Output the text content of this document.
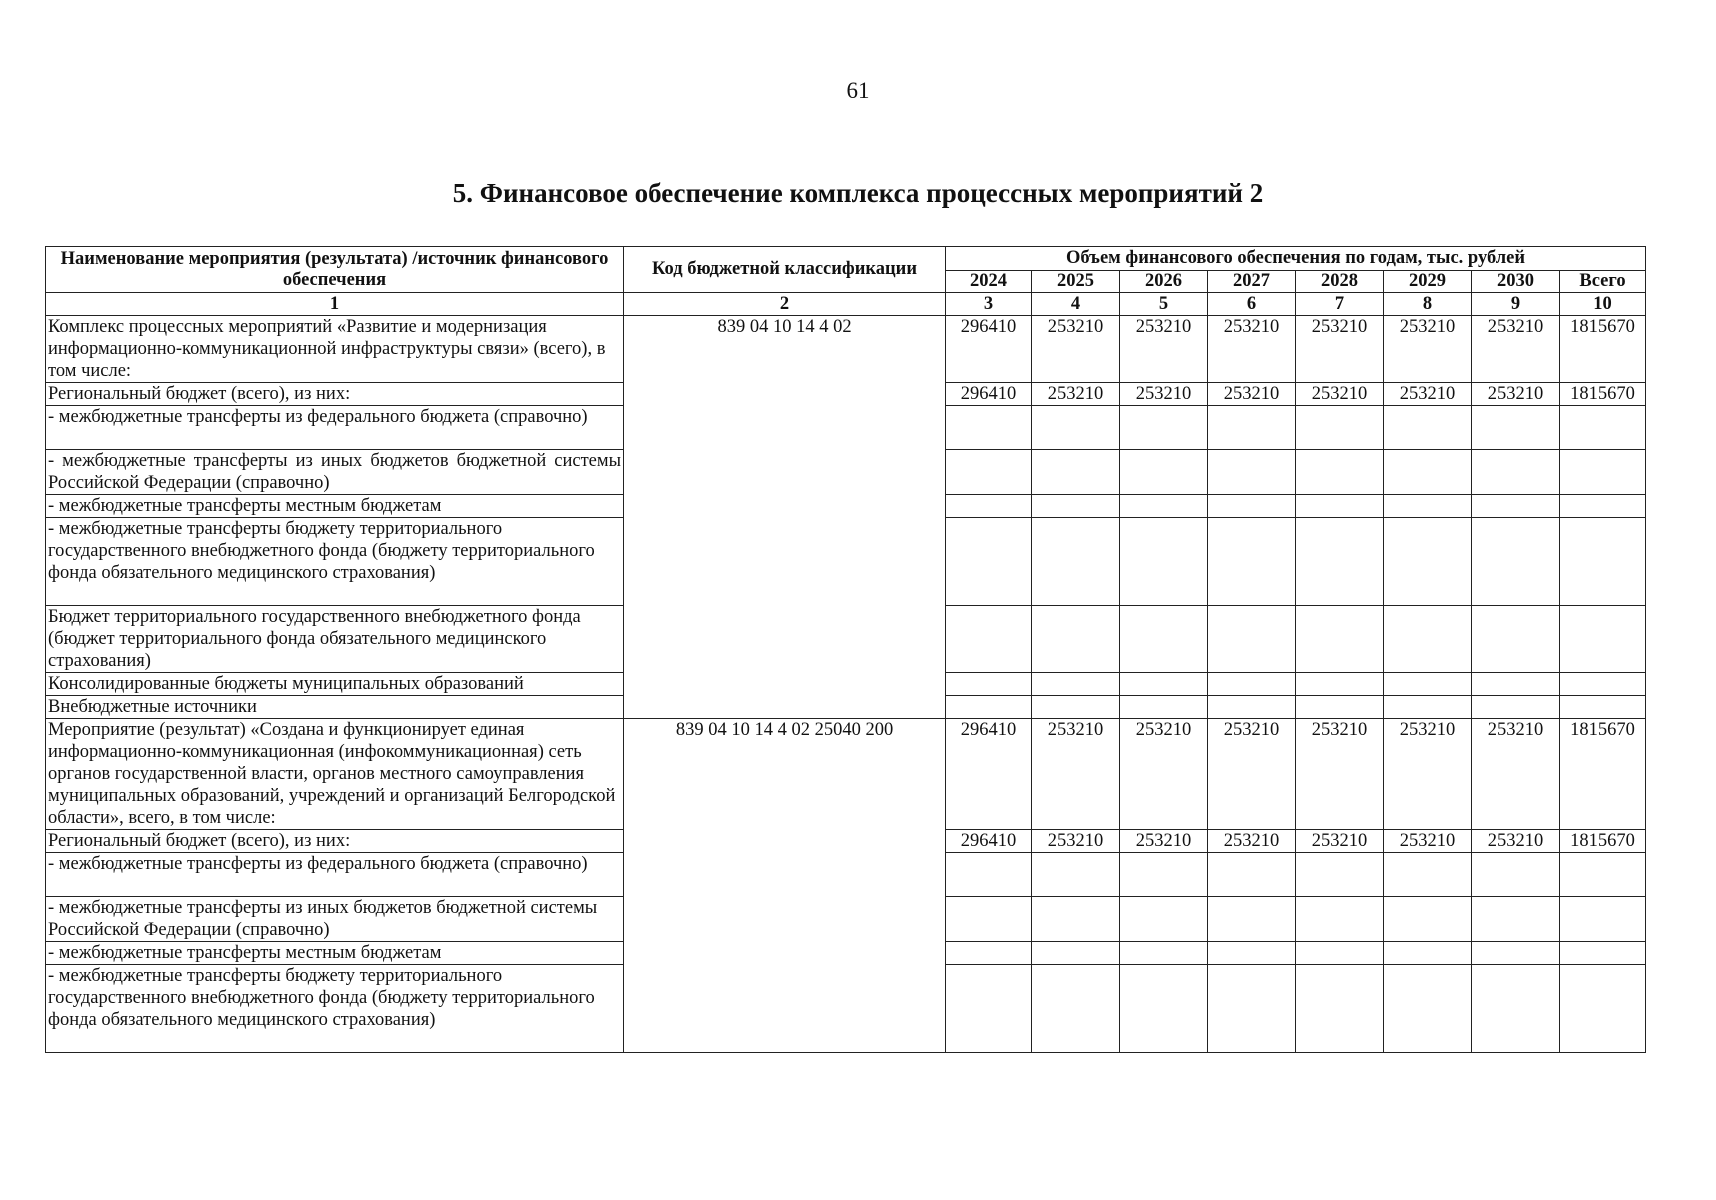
61
5. Финансовое обеспечение комплекса процессных мероприятий 2
Наименование мероприятия (результата) /источник финансового обеспечения	Код бюджетной классификации	Объем финансового обеспечения по годам, тыс. рублей							
		2024	2025	2026	2027	2028	2029	2030	Всего
1	2	3	4	5	6	7	8	9	10
Комплекс процессных мероприятий «Развитие и модернизация информационно-коммуникационной инфраструктуры связи» (всего), в том числе:	839 04 10 14 4 02	296410	253210	253210	253210	253210	253210	253210	1815670
Региональный бюджет (всего), из них:		296410	253210	253210	253210	253210	253210	253210	1815670
- межбюджетные трансферты из федерального бюджета (справочно)									
- межбюджетные трансферты из иных бюджетов бюджетной системы Российской Федерации (справочно)									
- межбюджетные трансферты местным бюджетам									
- межбюджетные трансферты бюджету территориального государственного внебюджетного фонда (бюджету территориального фонда обязательного медицинского страхования)									
Бюджет территориального государственного внебюджетного фонда (бюджет территориального фонда обязательного медицинского страхования)									
Консолидированные бюджеты муниципальных образований									
Внебюджетные источники									
Мероприятие (результат) «Создана и функционирует единая информационно-коммуникационная (инфокоммуникационная) сеть органов государственной власти, органов местного самоуправления муниципальных образований, учреждений и организаций Белгородской области», всего, в том числе:	839 04 10 14 4 02 25040 200	296410	253210	253210	253210	253210	253210	253210	1815670
Региональный бюджет (всего), из них:		296410	253210	253210	253210	253210	253210	253210	1815670
- межбюджетные трансферты из федерального бюджета (справочно)									
- межбюджетные трансферты из иных бюджетов бюджетной системы Российской Федерации (справочно)									
- межбюджетные трансферты местным бюджетам									
- межбюджетные трансферты бюджету территориального государственного внебюджетного фонда (бюджету территориального фонда обязательного медицинского страхования)									
